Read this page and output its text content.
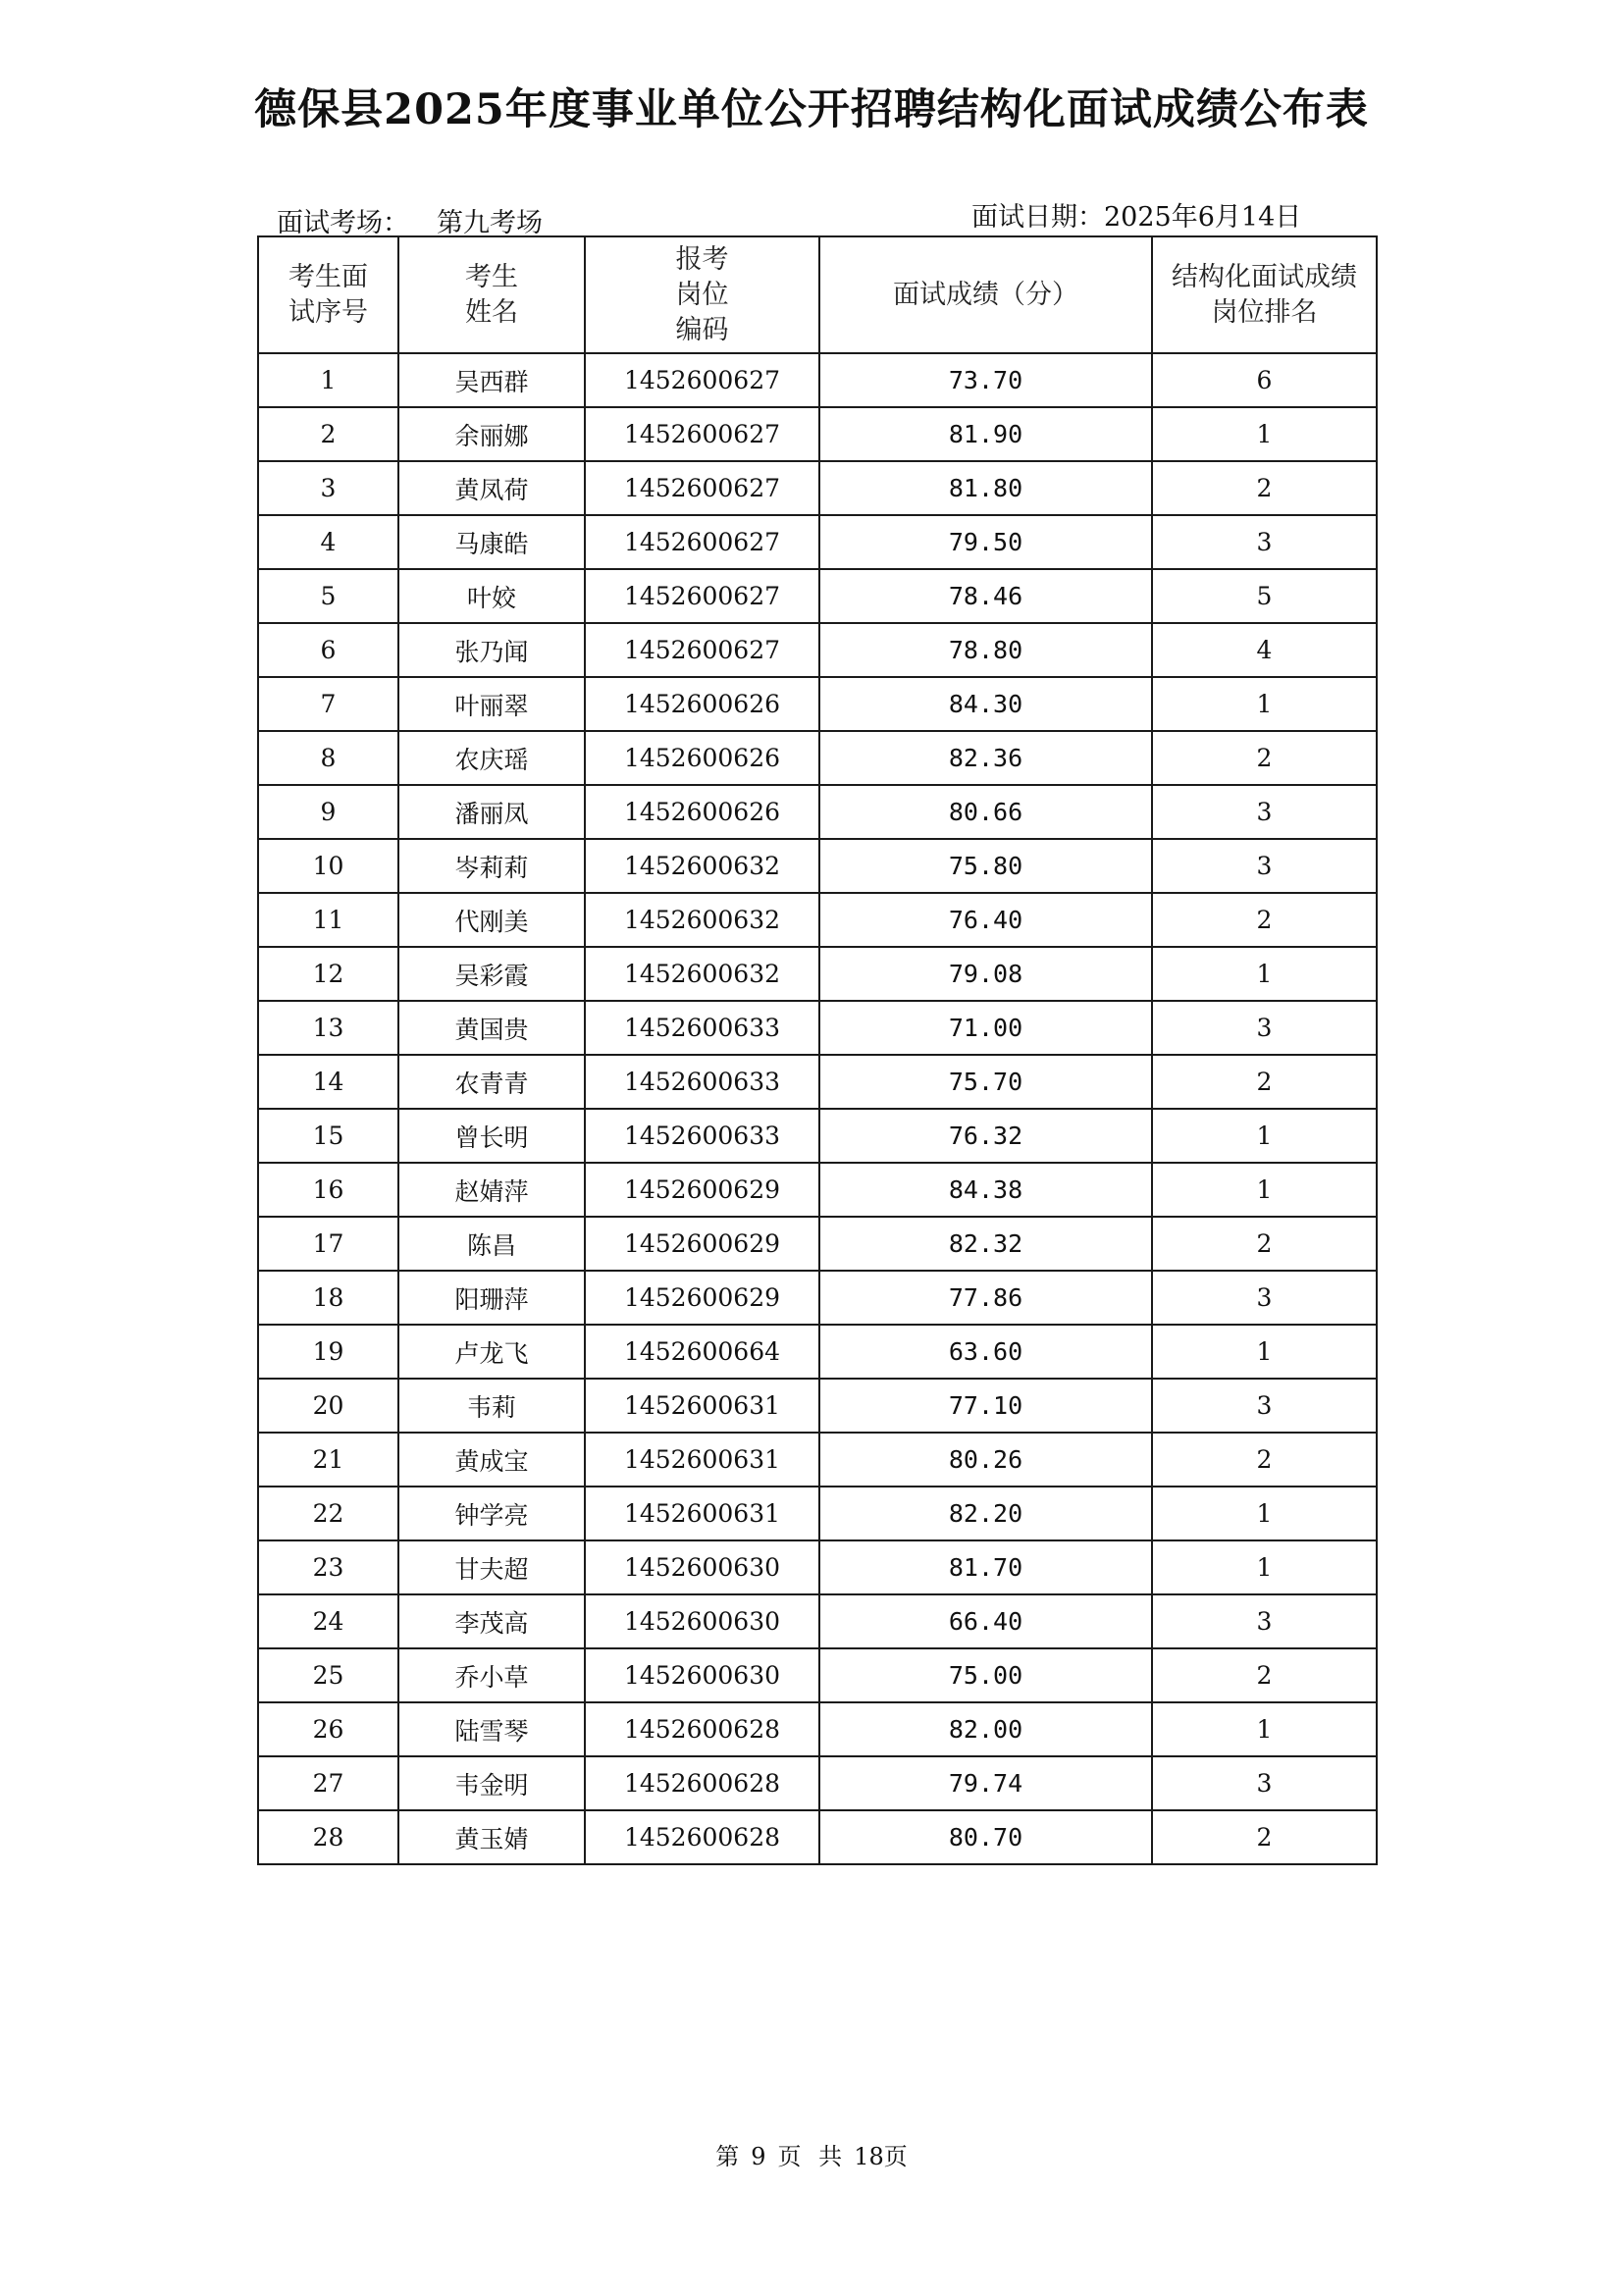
德保县2025年度事业单位公开招聘结构化面试成绩公布表
面试考场： 第九考场	面试日期：2025年6月14日
考生面试序号	考生姓名	报考岗位编码	面试成绩（分）	结构化面试成绩岗位排名
1	吴西群	1452600627	73.70	6
2	余丽娜	1452600627	81.90	1
3	黄凤荷	1452600627	81.80	2
4	马康皓	1452600627	79.50	3
5	叶姣	1452600627	78.46	5
6	张乃闻	1452600627	78.80	4
7	叶丽翠	1452600626	84.30	1
8	农庆瑶	1452600626	82.36	2
9	潘丽凤	1452600626	80.66	3
10	岑莉莉	1452600632	75.80	3
11	代刚美	1452600632	76.40	2
12	吴彩霞	1452600632	79.08	1
13	黄国贵	1452600633	71.00	3
14	农青青	1452600633	75.70	2
15	曾长明	1452600633	76.32	1
16	赵婧萍	1452600629	84.38	1
17	陈昌	1452600629	82.32	2
18	阳珊萍	1452600629	77.86	3
19	卢龙飞	1452600664	63.60	1
20	韦莉	1452600631	77.10	3
21	黄成宝	1452600631	80.26	2
22	钟学亮	1452600631	82.20	1
23	甘夫超	1452600630	81.70	1
24	李茂高	1452600630	66.40	3
25	乔小草	1452600630	75.00	2
26	陆雪琴	1452600628	82.00	1
27	韦金明	1452600628	79.74	3
28	黄玉婧	1452600628	80.70	2
第 9 页 共 18页
